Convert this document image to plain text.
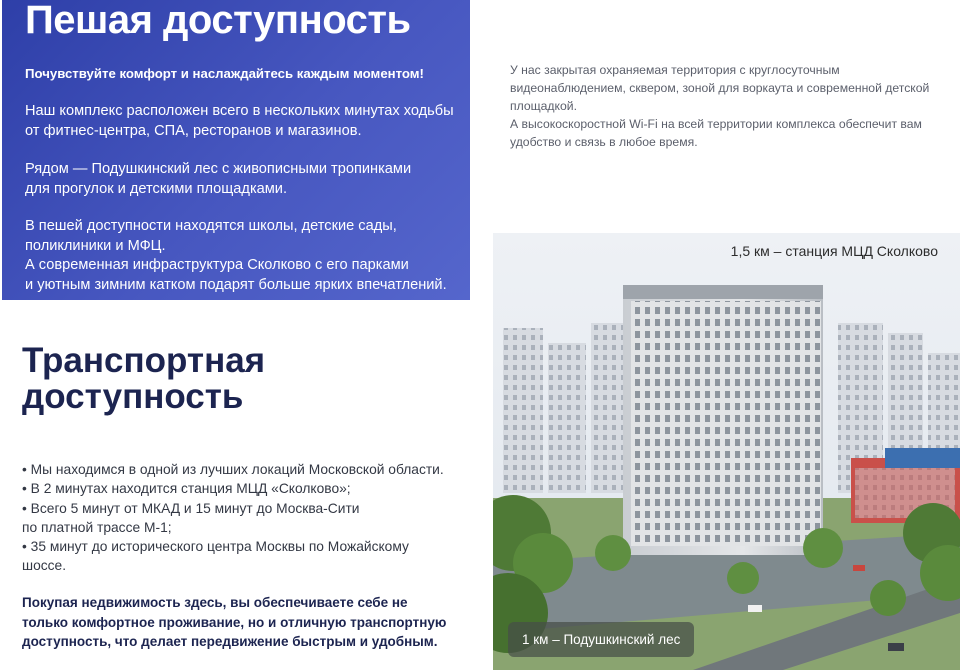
Пешая доступность

Почувствуйте комфорт и наслаждайтесь каждым моментом!

Наш комплекс расположен всего в нескольких минутах ходьбы
от фитнес-центра, СПА, ресторанов и магазинов.

Рядом — Подушкинский лес с живописными тропинками
для прогулок и детскими площадками.

В пешей доступности находятся школы, детские сады,
поликлиники и МФЦ.
А современная инфраструктура Сколково с его парками
и уютным зимним катком подарят больше ярких впечатлений.

У нас закрытая охраняемая территория с круглосуточным
видеонаблюдением, сквером, зоной для воркаута и современной детской
площадкой.
А высокоскоростной Wi-Fi на всей территории комплекса обеспечит вам
удобство и связь в любое время.

Транспортная
доступность

• Мы находимся в одной из лучших локаций Московской области.
• В 2 минутах находится станция МЦД «Сколково»;
• Всего 5 минут от МКАД и 15 минут до Москва-Сити
по платной трассе М-1;
• 35 минут до исторического центра Москвы по Можайскому
шоссе.

Покупая недвижимость здесь, вы обеспечиваете себе не
только комфортное проживание, но и отличную транспортную
доступность, что делает передвижение быстрым и удобным.

1,5 км – станция МЦД Сколково
1 км – Подушкинский лес
